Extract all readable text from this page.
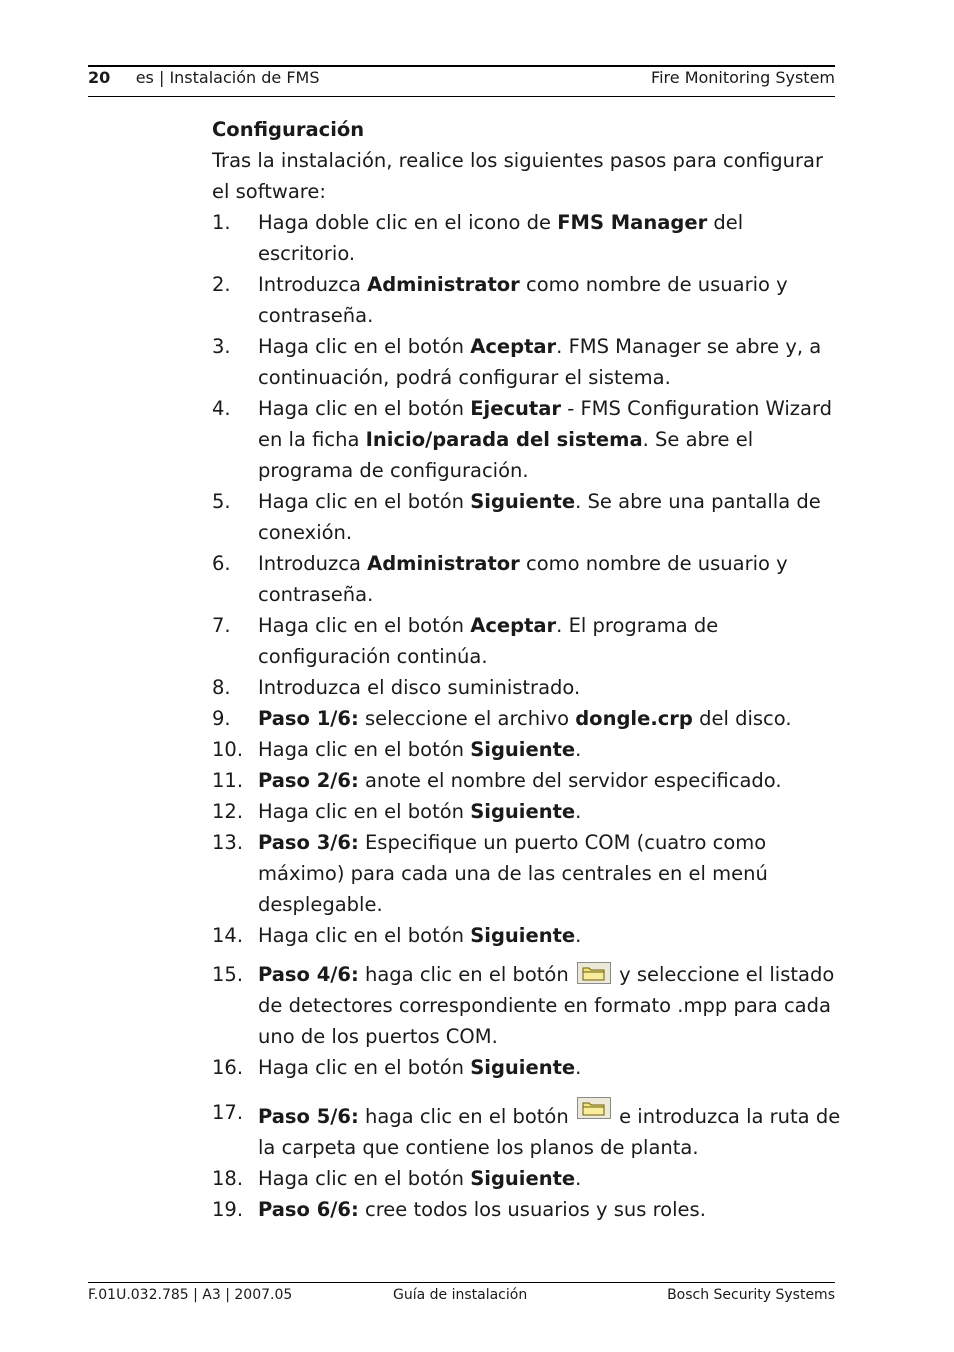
20 es | Instalación de FMS	Fire Monitoring System
Configuración
Tras la instalación, realice los siguientes pasos para configurar el software:
1. Haga doble clic en el icono de FMS Manager del escritorio.
2. Introduzca Administrator como nombre de usuario y contraseña.
3. Haga clic en el botón Aceptar. FMS Manager se abre y, a continuación, podrá configurar el sistema.
4. Haga clic en el botón Ejecutar - FMS Configuration Wizard en la ficha Inicio/parada del sistema. Se abre el programa de configuración.
5. Haga clic en el botón Siguiente. Se abre una pantalla de conexión.
6. Introduzca Administrator como nombre de usuario y contraseña.
7. Haga clic en el botón Aceptar. El programa de configuración continúa.
8. Introduzca el disco suministrado.
9. Paso 1/6: seleccione el archivo dongle.crp del disco.
10. Haga clic en el botón Siguiente.
11. Paso 2/6: anote el nombre del servidor especificado.
12. Haga clic en el botón Siguiente.
13. Paso 3/6: Especifique un puerto COM (cuatro como máximo) para cada una de las centrales en el menú desplegable.
14. Haga clic en el botón Siguiente.
15. Paso 4/6: haga clic en el botón  y seleccione el listado de detectores correspondiente en formato .mpp para cada uno de los puertos COM.
16. Haga clic en el botón Siguiente.
17. Paso 5/6: haga clic en el botón  e introduzca la ruta de la carpeta que contiene los planos de planta.
18. Haga clic en el botón Siguiente.
19. Paso 6/6: cree todos los usuarios y sus roles.
F.01U.032.785 | A3 | 2007.05	Guía de instalación	Bosch Security Systems
